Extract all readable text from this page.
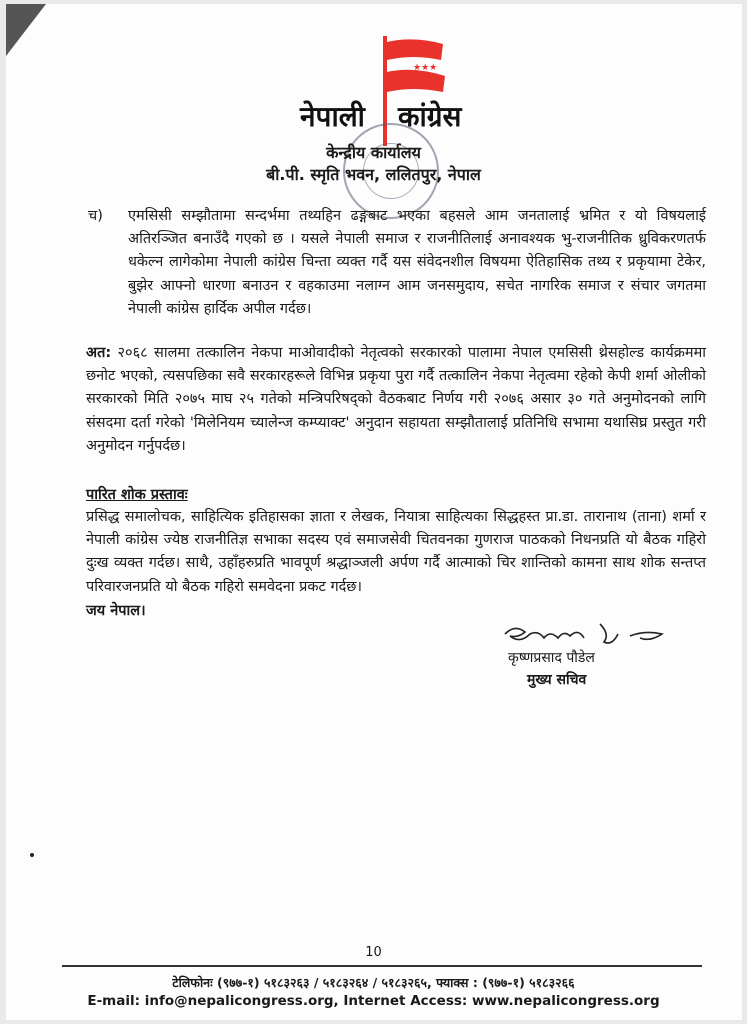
★★★
नेपाली कांग्रेस
केन्द्रीय कार्यालय
बी.पी. स्मृति भवन, ललितपुर, नेपाल
च) एमसिसी सम्झौतामा सन्दर्भमा तथ्यहिन ढङ्गबाट भएका बहसले आम जनतालाई भ्रमित र यो विषयलाई अतिरञ्जित बनाउँदै गएको छ । यसले नेपाली समाज र राजनीतिलाई अनावश्यक भु-राजनीतिक ध्रुविकरणतर्फ धकेल्न लागेकोमा नेपाली कांग्रेस चिन्ता व्यक्त गर्दै यस संवेदनशील विषयमा ऐतिहासिक तथ्य र प्रकृयामा टेकेर, बुझेर आफ्नो धारणा बनाउन र वहकाउमा नलाग्न आम जनसमुदाय, सचेत नागरिक समाज र संचार जगतमा नेपाली कांग्रेस हार्दिक अपील गर्दछ।
अत: २०६८ सालमा तत्कालिन नेकपा माओवादीको नेतृत्वको सरकारको पालामा नेपाल एमसिसी थ्रेसहोल्ड कार्यक्रममा छनोट भएको, त्यसपछिका सवै सरकारहरूले विभिन्न प्रकृया पुरा गर्दै तत्कालिन नेकपा नेतृत्वमा रहेको केपी शर्मा ओलीको सरकारको मिति २०७५ माघ २५ गतेको मन्त्रिपरिषद्को वैठकबाट निर्णय गरी २०७६ असार ३० गते अनुमोदनको लागि संसदमा दर्ता गरेको 'मिलेनियम च्यालेन्ज कम्प्याक्ट' अनुदान सहायता सम्झौतालाई प्रतिनिधि सभामा यथासिघ्र प्रस्तुत गरी अनुमोदन गर्नुपर्दछ।
पारित शोक प्रस्तावः
प्रसिद्ध समालोचक, साहित्यिक इतिहासका ज्ञाता र लेखक, नियात्रा साहित्यका सिद्धहस्त प्रा.डा. तारानाथ (ताना) शर्मा र नेपाली कांग्रेस ज्येष्ठ राजनीतिज्ञ सभाका सदस्य एवं समाजसेवी चितवनका गुणराज पाठकको निधनप्रति यो बैठक गहिरो दुःख व्यक्त गर्दछ। साथै, उहाँहरुप्रति भावपूर्ण श्रद्धाञ्जली अर्पण गर्दै आत्माको चिर शान्तिको कामना साथ शोक सन्तप्त परिवारजनप्रति यो बैठक गहिरो समवेदना प्रकट गर्दछ।
जय नेपाल।
कृष्णप्रसाद पौडेल
मुख्य सचिव
10
टेलिफोनः (९७७-१) ५१८३२६३ / ५१८३२६४ / ५१८३२६५, फ्याक्स : (९७७-१) ५१८३२६६
E-mail: info@nepalicongress.org, Internet Access: www.nepalicongress.org
